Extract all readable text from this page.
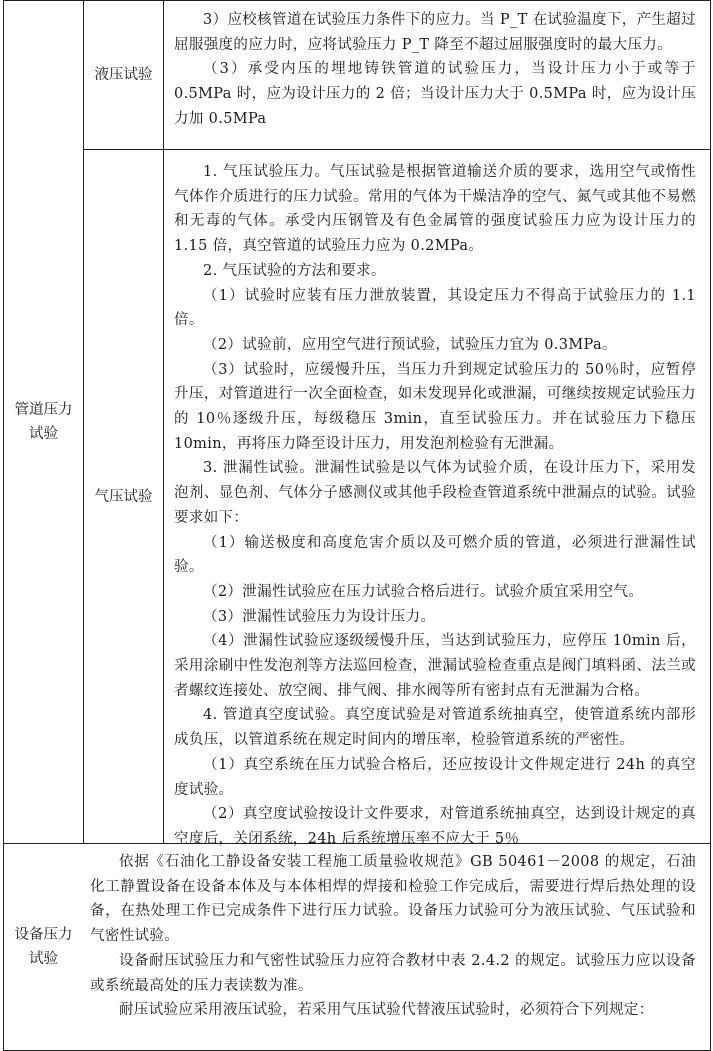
管道压力
试验
液压试验

3）应校核管道在试验压力条件下的应力。当 P_T 在试验温度下，产生超过屈服强度的应力时，应将试验压力 P_T 降至不超过屈服强度时的最大压力。

（3）承受内压的埋地铸铁管道的试验压力，当设计压力小于或等于 0.5MPa 时，应为设计压力的 2 倍；当设计压力大于 0.5MPa 时，应为设计压力加 0.5MPa

气压试验

1. 气压试验压力。气压试验是根据管道输送介质的要求，选用空气或惰性气体作介质进行的压力试验。常用的气体为干燥洁净的空气、氮气或其他不易燃和无毒的气体。承受内压钢管及有色金属管的强度试验压力应为设计压力的 1.15 倍，真空管道的试验压力应为 0.2MPa。

2. 气压试验的方法和要求。

（1）试验时应装有压力泄放装置，其设定压力不得高于试验压力的 1.1 倍。

（2）试验前，应用空气进行预试验，试验压力宜为 0.3MPa。

（3）试验时，应缓慢升压，当压力升到规定试验压力的 50％时，应暂停升压，对管道进行一次全面检查，如未发现异化或泄漏，可继续按规定试验压力的 10％逐级升压，每级稳压 3min，直至试验压力。并在试验压力下稳压 10min，再将压力降至设计压力，用发泡剂检验有无泄漏。

3. 泄漏性试验。泄漏性试验是以气体为试验介质，在设计压力下，采用发泡剂、显色剂、气体分子感测仪或其他手段检查管道系统中泄漏点的试验。试验要求如下：

（1）输送极度和高度危害介质以及可燃介质的管道，必须进行泄漏性试验。

（2）泄漏性试验应在压力试验合格后进行。试验介质宜采用空气。

（3）泄漏性试验压力为设计压力。

（4）泄漏性试验应逐级缓慢升压，当达到试验压力，应停压 10min 后，采用涂刷中性发泡剂等方法巡回检查，泄漏试验检查重点是阀门填料函、法兰或者螺纹连接处、放空阀、排气阀、排水阀等所有密封点有无泄漏为合格。

4. 管道真空度试验。真空度试验是对管道系统抽真空，使管道系统内部形成负压，以管道系统在规定时间内的增压率，检验管道系统的严密性。

（1）真空系统在压力试验合格后，还应按设计文件规定进行 24h 的真空度试验。

（2）真空度试验按设计文件要求，对管道系统抽真空，达到设计规定的真空度后，关闭系统，24h 后系统增压率不应大于 5％

设备压力
试验

依据《石油化工静设备安装工程施工质量验收规范》GB 50461－2008 的规定，石油化工静置设备在设备本体及与本体相焊的焊接和检验工作完成后，需要进行焊后热处理的设备，在热处理工作已完成条件下进行压力试验。设备压力试验可分为液压试验、气压试验和气密性试验。

设备耐压试验压力和气密性试验压力应符合教材中表 2.4.2 的规定。试验压力应以设备或系统最高处的压力表读数为准。

耐压试验应采用液压试验，若采用气压试验代替液压试验时，必须符合下列规定：
